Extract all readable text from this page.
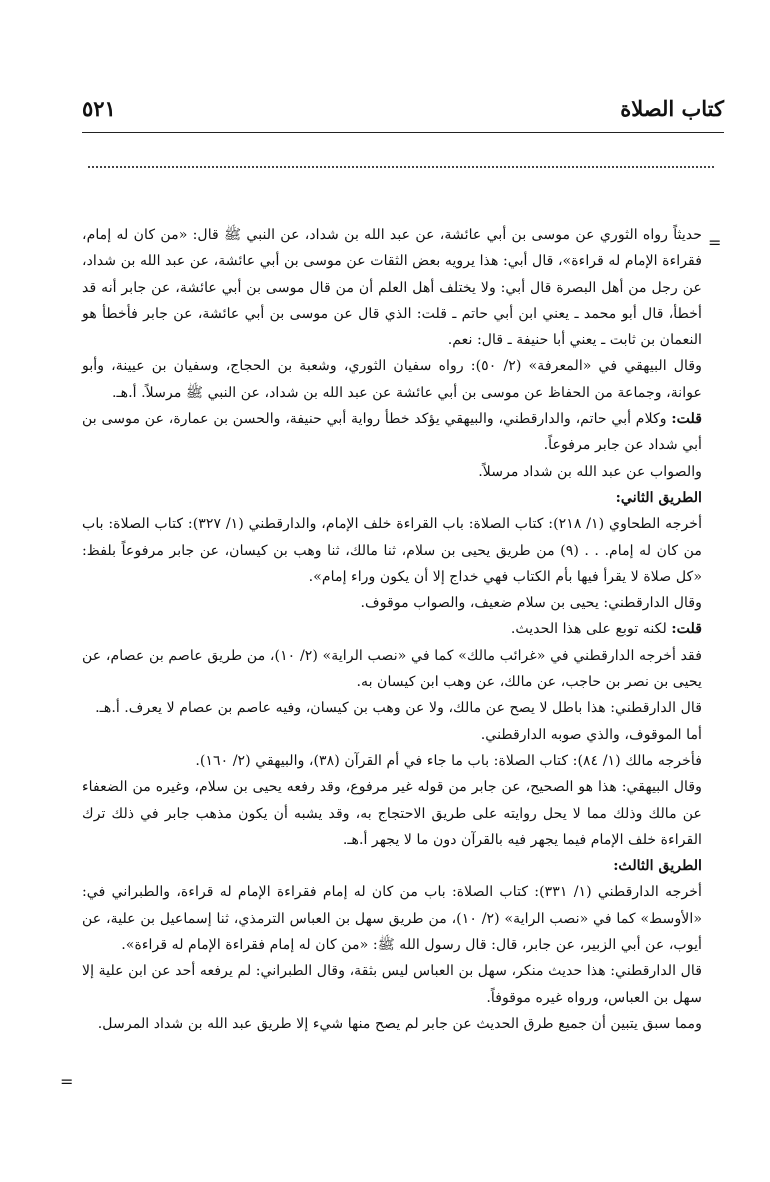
كتاب الصلاة
٥٢١
=

حديثاً رواه الثوري عن موسى بن أبي عائشة، عن عبد الله بن شداد، عن النبي ﷺ قال: «من كان له إمام، فقراءة الإمام له قراءة»، قال أبي: هذا يرويه بعض الثقات عن موسى بن أبي عائشة، عن عبد الله بن شداد، عن رجل من أهل البصرة قال أبي: ولا يختلف أهل العلم أن من قال موسى بن أبي عائشة، عن جابر أنه قد أخطأ، قال أبو محمد ـ يعني ابن أبي حاتم ـ قلت: الذي قال عن موسى بن أبي عائشة، عن جابر فأخطأ هو النعمان بن ثابت ـ يعني أبا حنيفة ـ قال: نعم.

وقال البيهقي في «المعرفة» (٢/ ٥٠): رواه سفيان الثوري، وشعبة بن الحجاج، وسفيان بن عيينة، وأبو عوانة، وجماعة من الحفاظ عن موسى بن أبي عائشة عن عبد الله بن شداد، عن النبي ﷺ مرسلاً. أ.هـ.

قلت: وكلام أبي حاتم، والدارقطني، والبيهقي يؤكد خطأ رواية أبي حنيفة، والحسن بن عمارة، عن موسى بن أبي شداد عن جابر مرفوعاً.

والصواب عن عبد الله بن شداد مرسلاً.

الطريق الثاني:

أخرجه الطحاوي (١/ ٢١٨): كتاب الصلاة: باب القراءة خلف الإمام، والدارقطني (١/ ٣٢٧): كتاب الصلاة: باب من كان له إمام. . . (٩) من طريق يحيى بن سلام، ثنا مالك، ثنا وهب بن كيسان، عن جابر مرفوعاً بلفظ: «كل صلاة لا يقرأ فيها بأم الكتاب فهي خداج إلا أن يكون وراء إمام».

وقال الدارقطني: يحيى بن سلام ضعيف، والصواب موقوف.

قلت: لكنه توبع على هذا الحديث.

فقد أخرجه الدارقطني في «غرائب مالك» كما في «نصب الراية» (٢/ ١٠)، من طريق عاصم بن عصام، عن يحيى بن نصر بن حاجب، عن مالك، عن وهب ابن كيسان به.

قال الدارقطني: هذا باطل لا يصح عن مالك، ولا عن وهب بن كيسان، وفيه عاصم بن عصام لا يعرف. أ.هـ.

أما الموقوف، والذي صوبه الدارقطني.

فأخرجه مالك (١/ ٨٤): كتاب الصلاة: باب ما جاء في أم القرآن (٣٨)، والبيهقي (٢/ ١٦٠).

وقال البيهقي: هذا هو الصحيح، عن جابر من قوله غير مرفوع، وقد رفعه يحيى بن سلام، وغيره من الضعفاء عن مالك وذلك مما لا يحل روايته على طريق الاحتجاج به، وقد يشبه أن يكون مذهب جابر في ذلك ترك القراءة خلف الإمام فيما يجهر فيه بالقرآن دون ما لا يجهر أ.هـ.

الطريق الثالث:

أخرجه الدارقطني (١/ ٣٣١): كتاب الصلاة: باب من كان له إمام فقراءة الإمام له قراءة، والطبراني في: «الأوسط» كما في «نصب الراية» (٢/ ١٠)، من طريق سهل بن العباس الترمذي، ثنا إسماعيل بن علية، عن أيوب، عن أبي الزبير، عن جابر، قال: قال رسول الله ﷺ: «من كان له إمام فقراءة الإمام له قراءة».

قال الدارقطني: هذا حديث منكر، سهل بن العباس ليس بثقة، وقال الطبراني: لم يرفعه أحد عن ابن علية إلا سهل بن العباس، ورواه غيره موقوفاً.

ومما سبق يتبين أن جميع طرق الحديث عن جابر لم يصح منها شيء إلا طريق عبد الله بن شداد المرسل.

=
